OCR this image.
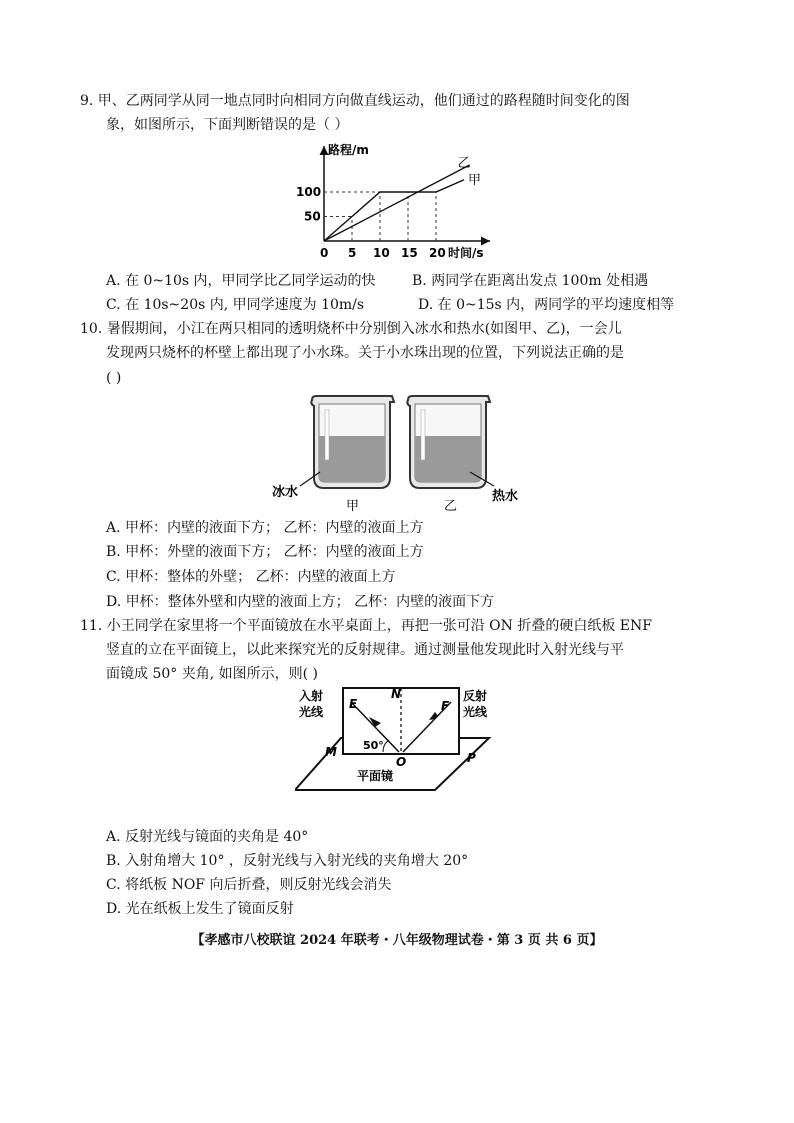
9. 甲、乙两同学从同一地点同时向相同方向做直线运动，他们通过的路程随时间变化的图
象，如图所示，下面判断错误的是（ ）
甲
乙
5 10 15 20
50
100
0	时间/s
路程/m
A. 在 0~10s 内，甲同学比乙同学运动的快	B. 两同学在距离出发点 100m 处相遇
C. 在 10s~20s 内, 甲同学速度为 10m/s	D. 在 0~15s 内，两同学的平均速度相等
10. 暑假期间，小江在两只相同的透明烧杯中分别倒入冰水和热水(如图甲、乙)，一会儿
发现两只烧杯的杯壁上都出现了小水珠。关于小水珠出现的位置，下列说法正确的是
( )
冰水	热水
甲	乙
A. 甲杯：内壁的液面下方； 乙杯：内壁的液面上方
B. 甲杯：外壁的液面下方； 乙杯：内壁的液面上方
C. 甲杯：整体的外壁； 乙杯：内壁的液面上方
D. 甲杯：整体外壁和内壁的液面上方； 乙杯：内壁的液面下方
11. 小王同学在家里将一个平面镜放在水平桌面上，再把一张可沿 ON 折叠的硬白纸板 ENF
竖直的立在平面镜上，以此来探究光的反射规律。通过测量他发现此时入射光线与平
面镜成 50° 夹角, 如图所示，则( )
入射
光线
反射
光线
E
N
F
M
O	P
50°
平面镜
A. 反射光线与镜面的夹角是 40°
B. 入射角增大 10° ，反射光线与入射光线的夹角增大 20°
C. 将纸板 NOF 向后折叠，则反射光线会消失
D. 光在纸板上发生了镜面反射
【孝感市八校联谊 2024 年联考・八年级物理试卷・第 3 页 共 6 页】
